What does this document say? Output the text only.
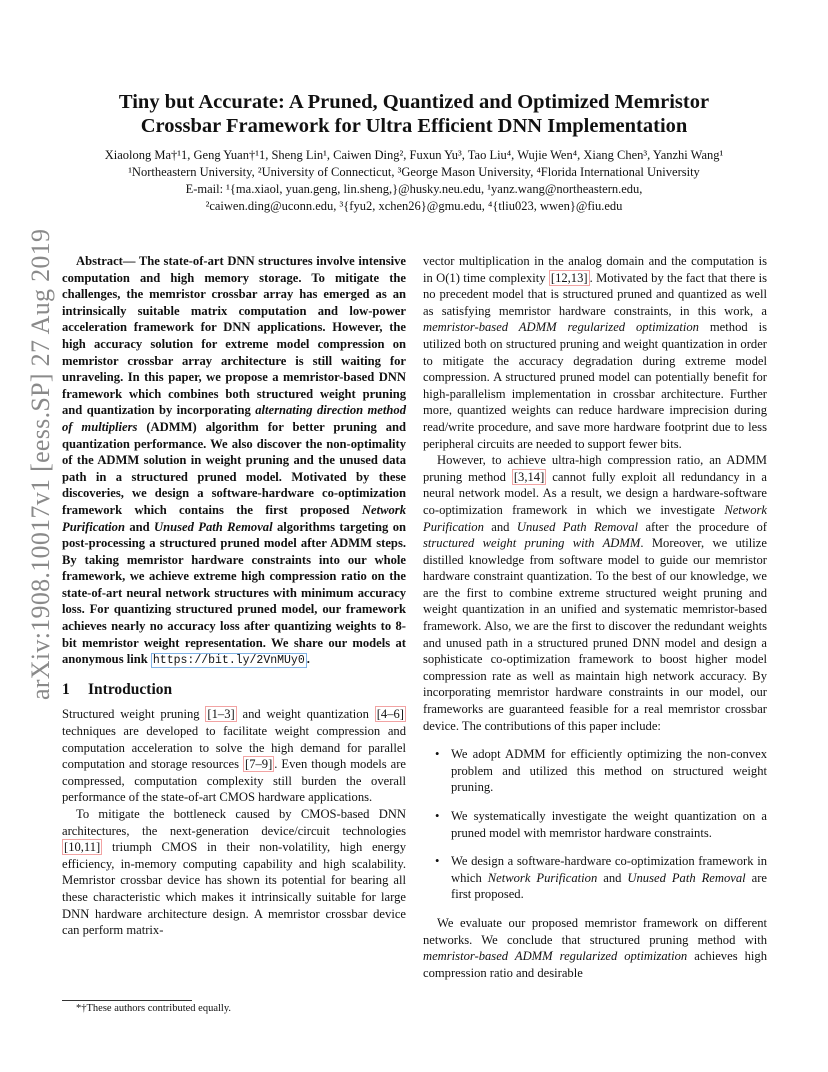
arXiv:1908.10017v1 [eess.SP] 27 Aug 2019
Tiny but Accurate: A Pruned, Quantized and Optimized Memristor
Crossbar Framework for Ultra Efficient DNN Implementation
Xiaolong Ma†¹1, Geng Yuan†¹1, Sheng Lin¹, Caiwen Ding², Fuxun Yu³, Tao Liu⁴, Wujie Wen⁴, Xiang Chen³, Yanzhi Wang¹
¹Northeastern University, ²University of Connecticut, ³George Mason University, ⁴Florida International University
E-mail: ¹{ma.xiaol, yuan.geng, lin.sheng,}@husky.neu.edu, ¹yanz.wang@northeastern.edu,
²caiwen.ding@uconn.edu, ³{fyu2, xchen26}@gmu.edu, ⁴{tliu023, wwen}@fiu.edu

Abstract— The state-of-art DNN structures involve intensive computation and high memory storage. To mitigate the challenges, the memristor crossbar array has emerged as an intrinsically suitable matrix computation and low-power acceleration framework for DNN applications. However, the high accuracy solution for extreme model compression on memristor crossbar array architecture is still waiting for unraveling. In this paper, we propose a memristor-based DNN framework which combines both structured weight pruning and quantization by incorporating alternating direction method of multipliers (ADMM) algorithm for better pruning and quantization performance. We also discover the non-optimality of the ADMM solution in weight pruning and the unused data path in a structured pruned model. Motivated by these discoveries, we design a software-hardware co-optimization framework which contains the first proposed Network Purification and Unused Path Removal algorithms targeting on post-processing a structured pruned model after ADMM steps. By taking memristor hardware constraints into our whole framework, we achieve extreme high compression ratio on the state-of-art neural network structures with minimum accuracy loss. For quantizing structured pruned model, our framework achieves nearly no accuracy loss after quantizing weights to 8-bit memristor weight representation. We share our models at anonymous link https://bit.ly/2VnMUy0 .

1 Introduction

Structured weight pruning [1–3] and weight quantization [4–6] techniques are developed to facilitate weight compression and computation acceleration to solve the high demand for parallel computation and storage resources [7–9] . Even though models are compressed, computation complexity still burden the overall performance of the state-of-art CMOS hardware applications.

To mitigate the bottleneck caused by CMOS-based DNN architectures, the next-generation device/circuit technologies [10,11] triumph CMOS in their non-volatility, high energy efficiency, in-memory computing capability and high scalability. Memristor crossbar device has shown its potential for bearing all these characteristic which makes it intrinsically suitable for large DNN hardware architecture design. A memristor crossbar device can perform matrix-

vector multiplication in the analog domain and the computation is in O(1) time complexity [12,13] . Motivated by the fact that there is no precedent model that is structured pruned and quantized as well as satisfying memristor hardware constraints, in this work, a memristor-based ADMM regularized optimization method is utilized both on structured pruning and weight quantization in order to mitigate the accuracy degradation during extreme model compression. A structured pruned model can potentially benefit for high-parallelism implementation in crossbar architecture. Further more, quantized weights can reduce hardware imprecision during read/write procedure, and save more hardware footprint due to less peripheral circuits are needed to support fewer bits.

However, to achieve ultra-high compression ratio, an ADMM pruning method [3,14] cannot fully exploit all redundancy in a neural network model. As a result, we design a hardware-software co-optimization framework in which we investigate Network Purification and Unused Path Removal after the procedure of structured weight pruning with ADMM. Moreover, we utilize distilled knowledge from software model to guide our memristor hardware constraint quantization. To the best of our knowledge, we are the first to combine extreme structured weight pruning and weight quantization in an unified and systematic memristor-based framework. Also, we are the first to discover the redundant weights and unused path in a structured pruned DNN model and design a sophisticate co-optimization framework to boost higher model compression rate as well as maintain high network accuracy. By incorporating memristor hardware constraints in our model, our frameworks are guaranteed feasible for a real memristor crossbar device. The contributions of this paper include:

• We adopt ADMM for efficiently optimizing the non-convex problem and utilized this method on structured weight pruning.
• We systematically investigate the weight quantization on a pruned model with memristor hardware constraints.
• We design a software-hardware co-optimization framework in which Network Purification and Unused Path Removal are first proposed.

We evaluate our proposed memristor framework on different networks. We conclude that structured pruning method with memristor-based ADMM regularized optimization achieves high compression ratio and desirable

*†These authors contributed equally.
